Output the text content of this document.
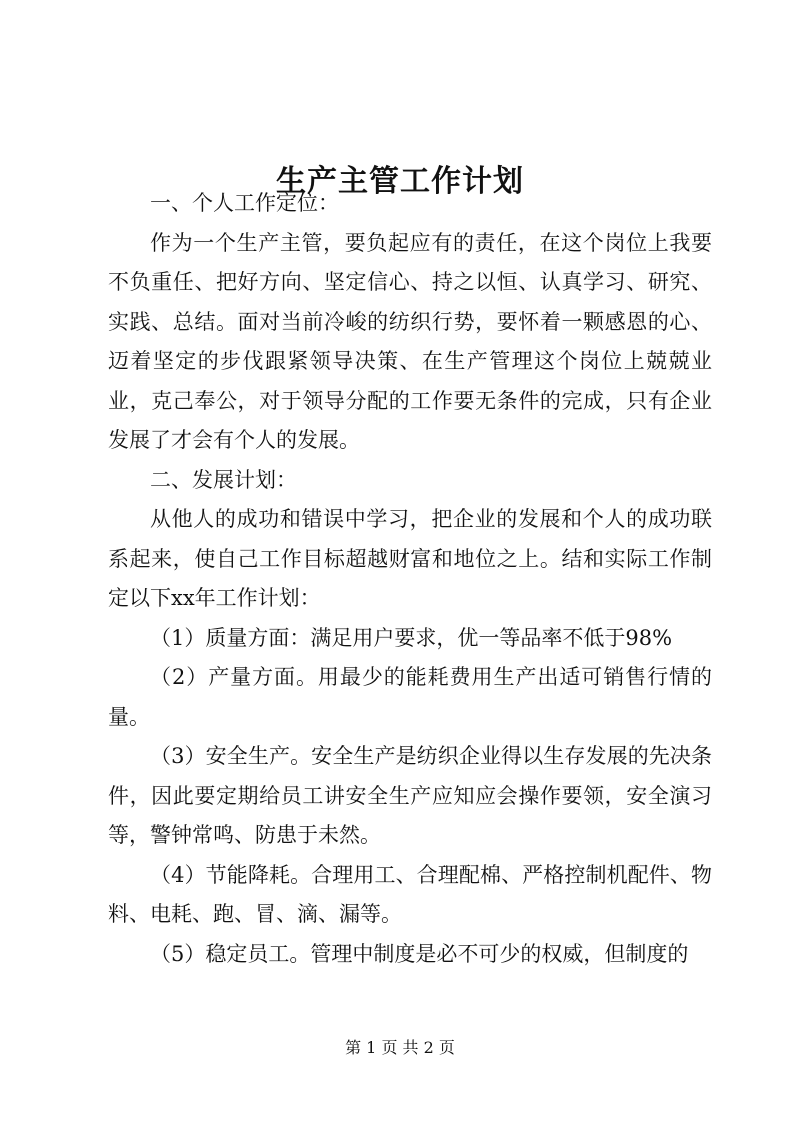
生产主管工作计划

一、个人工作定位：

作为一个生产主管，要负起应有的责任，在这个岗位上我要不负重任、把好方向、坚定信心、持之以恒、认真学习、研究、实践、总结。面对当前冷峻的纺织行势，要怀着一颗感恩的心、迈着坚定的步伐跟紧领导决策、在生产管理这个岗位上兢兢业业，克己奉公，对于领导分配的工作要无条件的完成，只有企业发展了才会有个人的发展。

二、发展计划：

从他人的成功和错误中学习，把企业的发展和个人的成功联系起来，使自己工作目标超越财富和地位之上。结和实际工作制定以下xx年工作计划：

（1）质量方面：满足用户要求，优一等品率不低于98%

（2）产量方面。用最少的能耗费用生产出适可销售行情的量。

（3）安全生产。安全生产是纺织企业得以生存发展的先决条件，因此要定期给员工讲安全生产应知应会操作要领，安全演习等，警钟常鸣、防患于未然。

（4）节能降耗。合理用工、合理配棉、严格控制机配件、物料、电耗、跑、冒、滴、漏等。

（5）稳定员工。管理中制度是必不可少的权威，但制度的

第 1 页 共 2 页
